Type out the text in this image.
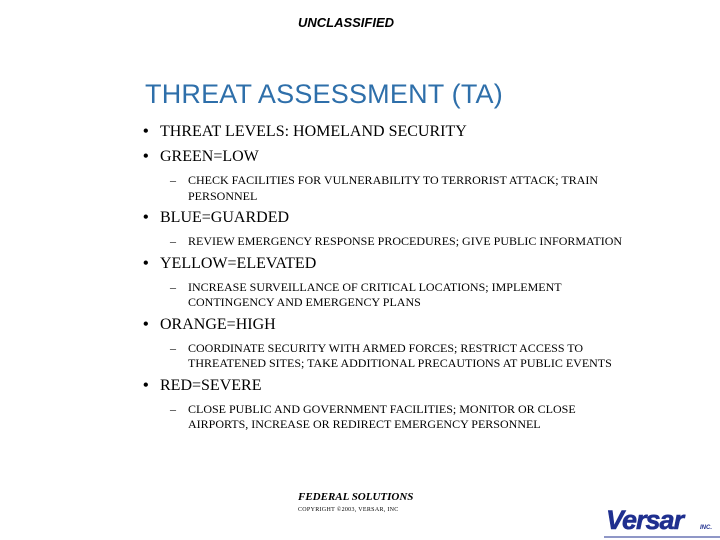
UNCLASSIFIED
THREAT ASSESSMENT (TA)
• THREAT LEVELS: HOMELAND SECURITY
• GREEN=LOW
–	CHECK FACILITIES FOR VULNERABILITY TO TERRORIST ATTACK; TRAIN PERSONNEL
• BLUE=GUARDED
–	REVIEW EMERGENCY RESPONSE PROCEDURES; GIVE PUBLIC INFORMATION
• YELLOW=ELEVATED
–	INCREASE SURVEILLANCE OF CRITICAL LOCATIONS; IMPLEMENT CONTINGENCY AND EMERGENCY PLANS
• ORANGE=HIGH
–	COORDINATE SECURITY WITH ARMED FORCES; RESTRICT ACCESS TO THREATENED SITES; TAKE ADDITIONAL PRECAUTIONS AT PUBLIC EVENTS
• RED=SEVERE
–	CLOSE PUBLIC AND GOVERNMENT FACILITIES; MONITOR OR CLOSE AIRPORTS, INCREASE OR REDIRECT EMERGENCY PERSONNEL
FEDERAL SOLUTIONS
COPYRIGHT ©2003, VERSAR, INC	Versar	INC.
